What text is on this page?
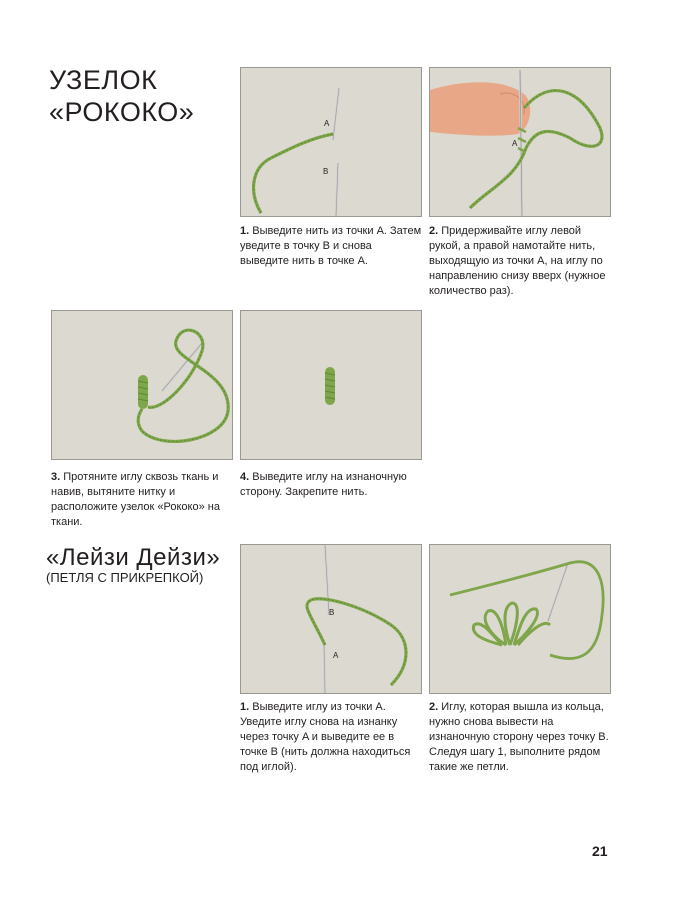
УЗЕЛОК
«РОКОКО»	A
B
A
1. Выведите нить из точки A. Затем уведите в точку B и снова выведите нить в точке A.
2. Придерживайте иглу левой рукой, а правой намотайте нить, выходящую из точки A, на иглу по направлению снизу вверх (нужное количество раз).
3. Протяните иглу сквозь ткань и навив, вытяните нитку и расположите узелок «Рококо» на ткани.
4. Выведите иглу на изнаночную сторону. Закрепите нить.
«Лейзи Дейзи»
(ПЕТЛЯ С ПРИКРЕПКОЙ)
B
A
1. Выведите иглу из точки A. Уведите иглу снова на изнанку через точку A и выведите ее в точке B (нить должна находиться под иглой).
2. Иглу, которая вышла из кольца, нужно снова вывести на изнаночную сторону через точку B. Следуя шагу 1, выполните рядом такие же петли.
21
